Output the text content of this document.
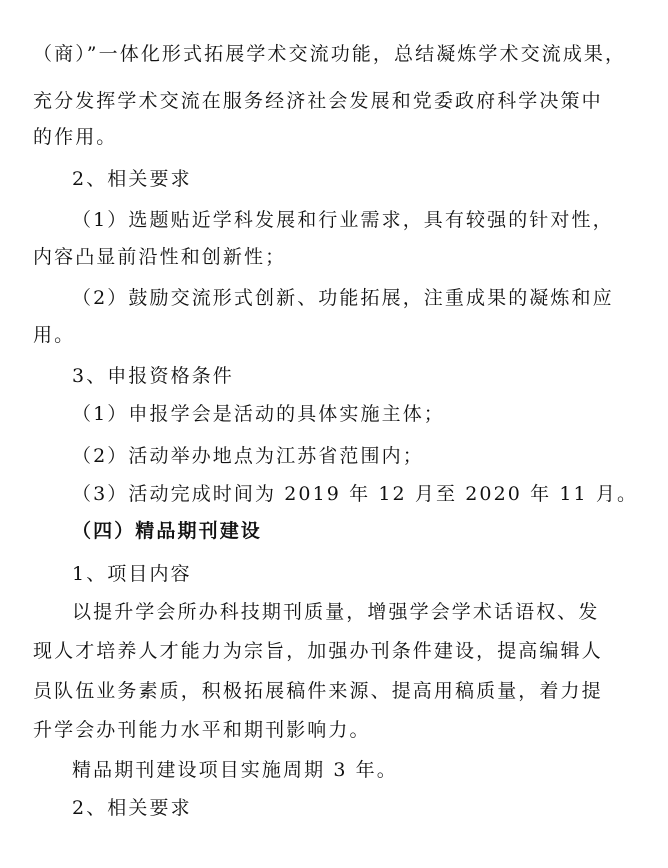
（商）”一体化形式拓展学术交流功能，总结凝炼学术交流成果，
充分发挥学术交流在服务经济社会发展和党委政府科学决策中
的作用。
2、相关要求
（1）选题贴近学科发展和行业需求，具有较强的针对性，
内容凸显前沿性和创新性；
（2）鼓励交流形式创新、功能拓展，注重成果的凝炼和应
用。
3、申报资格条件
（1）申报学会是活动的具体实施主体；
（2）活动举办地点为江苏省范围内；
（3）活动完成时间为 2019 年 12 月至 2020 年 11 月。
（四）精品期刊建设
1、项目内容
以提升学会所办科技期刊质量，增强学会学术话语权、发
现人才培养人才能力为宗旨，加强办刊条件建设，提高编辑人
员队伍业务素质，积极拓展稿件来源、提高用稿质量，着力提
升学会办刊能力水平和期刊影响力。
精品期刊建设项目实施周期 3 年。
2、相关要求
